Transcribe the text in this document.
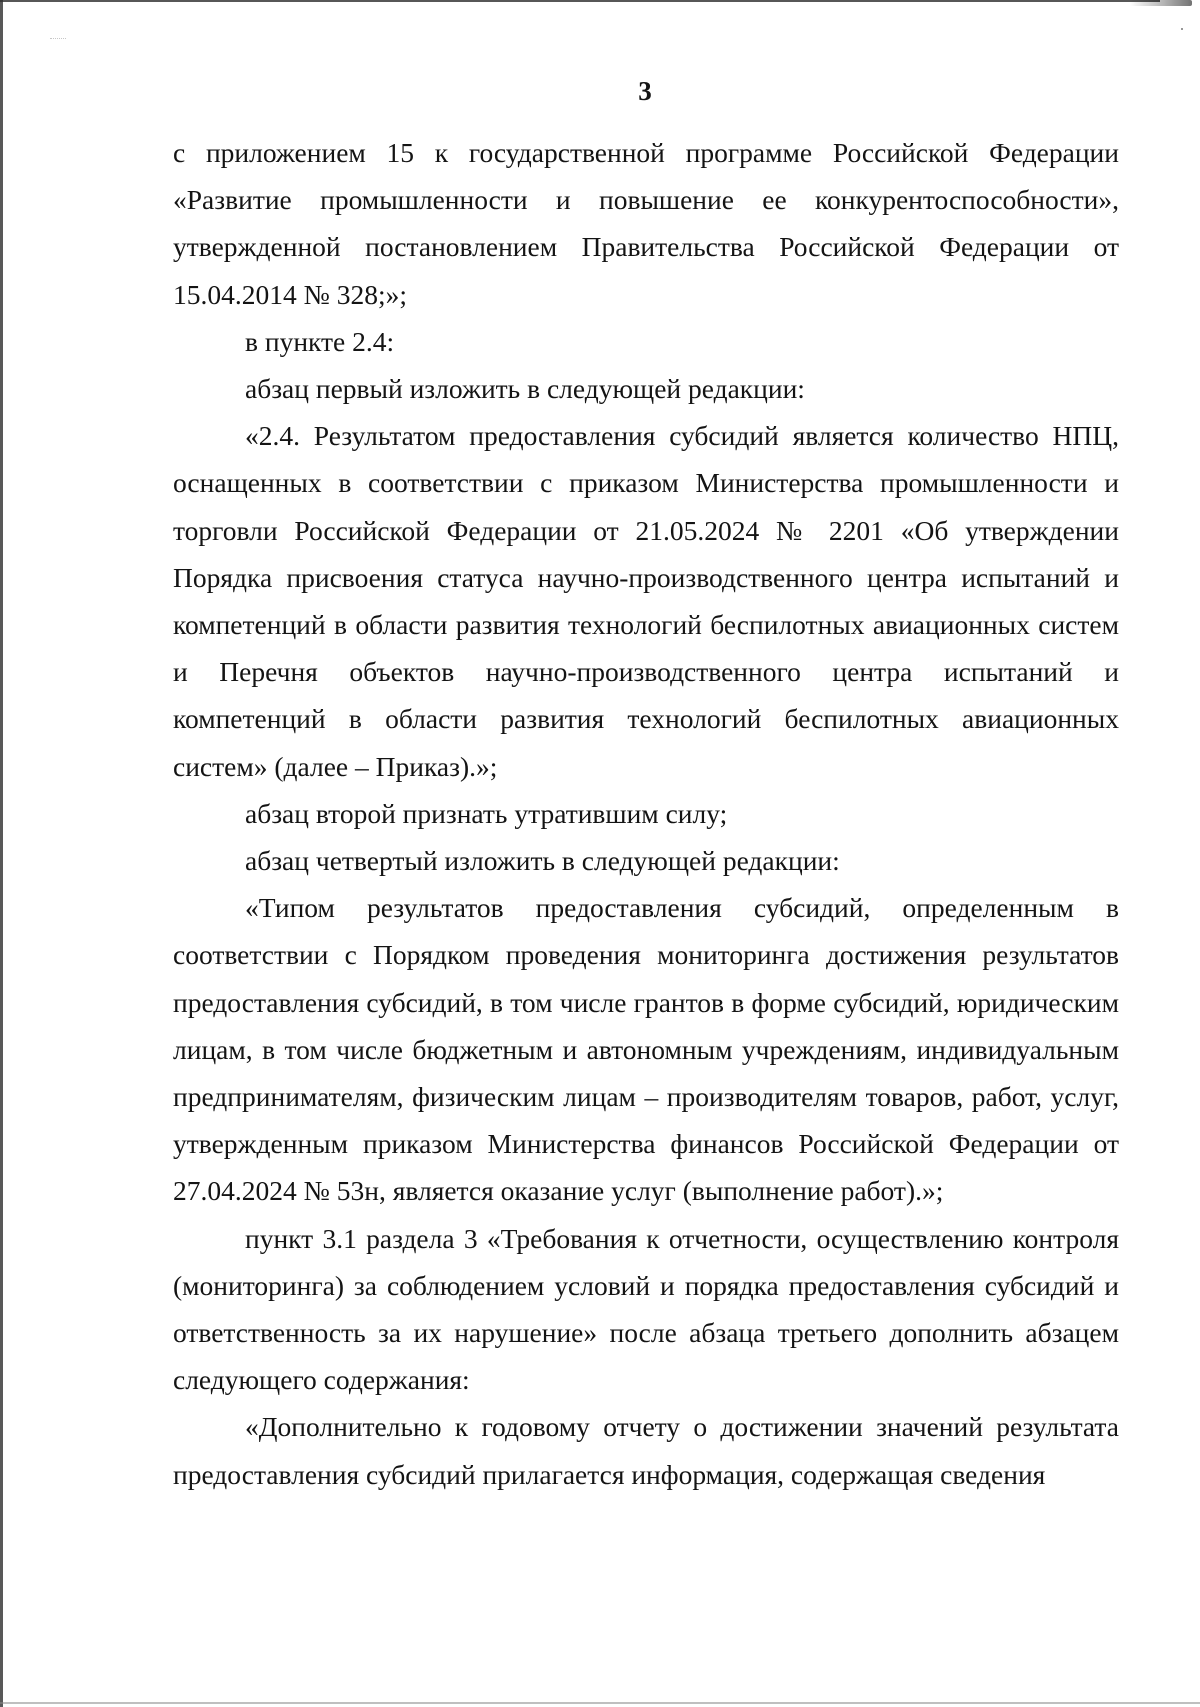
3

с приложением 15 к государственной программе Российской Федерации «Развитие промышленности и повышение ее конкурентоспособности», утвержденной постановлением Правительства Российской Федерации от 15.04.2014 № 328;»;

в пункте 2.4:

абзац первый изложить в следующей редакции:

«2.4. Результатом предоставления субсидий является количество НПЦ, оснащенных в соответствии с приказом Министерства промышленности и торговли Российской Федерации от 21.05.2024 № 2201 «Об утверждении Порядка присвоения статуса научно-производственного центра испытаний и компетенций в области развития технологий беспилотных авиационных систем и Перечня объектов научно-производственного центра испытаний и компетенций в области развития технологий беспилотных авиационных систем» (далее – Приказ).»;

абзац второй признать утратившим силу;

абзац четвертый изложить в следующей редакции:

«Типом результатов предоставления субсидий, определенным в соответствии с Порядком проведения мониторинга достижения результатов предоставления субсидий, в том числе грантов в форме субсидий, юридическим лицам, в том числе бюджетным и автономным учреждениям, индивидуальным предпринимателям, физическим лицам – производителям товаров, работ, услуг, утвержденным приказом Министерства финансов Российской Федерации от 27.04.2024 № 53н, является оказание услуг (выполнение работ).»;

пункт 3.1 раздела 3 «Требования к отчетности, осуществлению контроля (мониторинга) за соблюдением условий и порядка предоставления субсидий и ответственность за их нарушение» после абзаца третьего дополнить абзацем следующего содержания:

«Дополнительно к годовому отчету о достижении значений результата предоставления субсидий прилагается информация, содержащая сведения
